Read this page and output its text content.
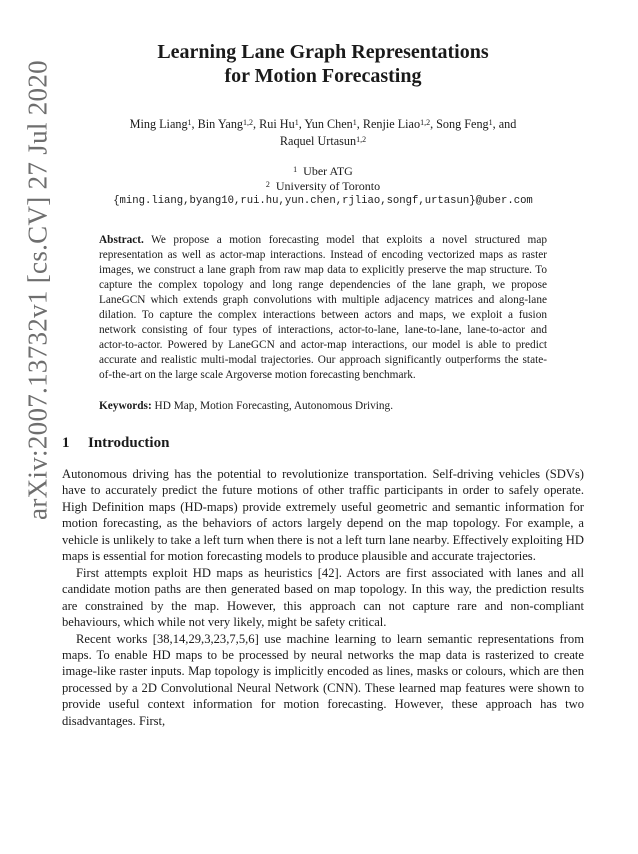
arXiv:2007.13732v1 [cs.CV] 27 Jul 2020
Learning Lane Graph Representations
for Motion Forecasting
Ming Liang$^1$, Bin Yang$^{1,2}$, Rui Hu$^1$, Yun Chen$^1$, Renjie Liao$^{1,2}$, Song Feng$^1$, and
Raquel Urtasun$^{1,2}$
$^1$ Uber ATG
$^2$ University of Toronto
{ming.liang,byang10,rui.hu,yun.chen,rjliao,songf,urtasun}@uber.com
Abstract. We propose a motion forecasting model that exploits a novel structured map representation as well as actor-map interactions. Instead of encoding vectorized maps as raster images, we construct a lane graph from raw map data to explicitly preserve the map structure. To capture the complex topology and long range dependencies of the lane graph, we propose LaneGCN which extends graph convolutions with multiple adjacency matrices and along-lane dilation. To capture the complex interactions between actors and maps, we exploit a fusion network consisting of four types of interactions, actor-to-lane, lane-to-lane, lane-to-actor and actor-to-actor. Powered by LaneGCN and actor-map interactions, our model is able to predict accurate and realistic multi-modal trajectories. Our approach significantly outperforms the state-of-the-art on the large scale Argoverse motion forecasting benchmark.
Keywords: HD Map, Motion Forecasting, Autonomous Driving.
1 Introduction

Autonomous driving has the potential to revolutionize transportation. Self-driving vehicles (SDVs) have to accurately predict the future motions of other traffic participants in order to safely operate. High Definition maps (HD-maps) provide extremely useful geometric and semantic information for motion forecasting, as the behaviors of actors largely depend on the map topology. For example, a vehicle is unlikely to take a left turn when there is not a left turn lane nearby. Effectively exploiting HD maps is essential for motion forecasting models to produce plausible and accurate trajectories.

First attempts exploit HD maps as heuristics [42]. Actors are first associated with lanes and all candidate motion paths are then generated based on map topology. In this way, the prediction results are constrained by the map. However, this approach can not capture rare and non-compliant behaviours, which while not very likely, might be safety critical.

Recent works [38,14,29,3,23,7,5,6] use machine learning to learn semantic representations from maps. To enable HD maps to be processed by neural networks the map data is rasterized to create image-like raster inputs. Map topology is implicitly encoded as lines, masks or colours, which are then processed by a 2D Convolutional Neural Network (CNN). These learned map features were shown to provide useful context information for motion forecasting. However, these approach has two disadvantages. First,
